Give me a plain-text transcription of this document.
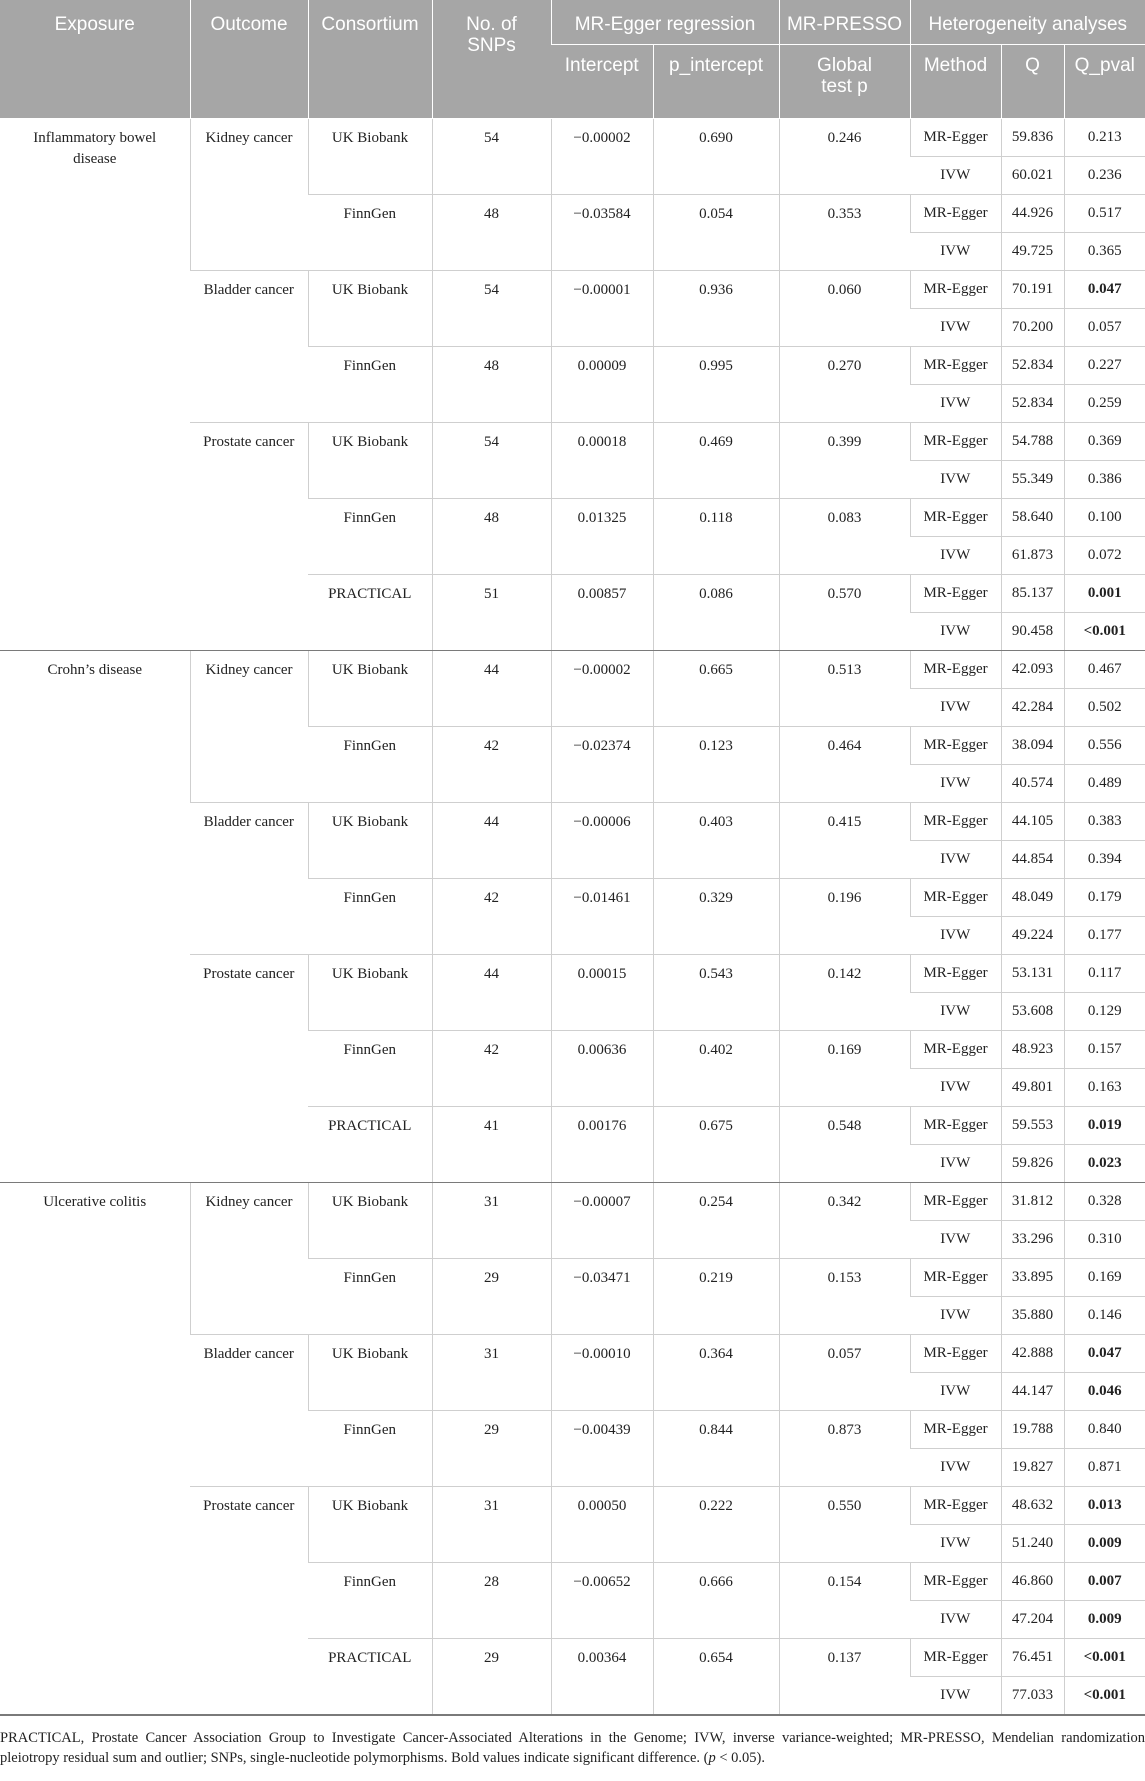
Exposure	Outcome	Consortium	No. of SNPs	MR-Egger regression		MR-PRESSO	Heterogeneity analyses		
				Intercept	p_intercept	Global test p	Method	Q	Q_pval
Inflammatory bowel disease	Kidney cancer	UK Biobank	54	−0.00002	0.690	0.246	MR-Egger	59.836	0.213
							IVW	60.021	0.236
		FinnGen	48	−0.03584	0.054	0.353	MR-Egger	44.926	0.517
							IVW	49.725	0.365
	Bladder cancer	UK Biobank	54	−0.00001	0.936	0.060	MR-Egger	70.191	0.047
							IVW	70.200	0.057
		FinnGen	48	0.00009	0.995	0.270	MR-Egger	52.834	0.227
							IVW	52.834	0.259
	Prostate cancer	UK Biobank	54	0.00018	0.469	0.399	MR-Egger	54.788	0.369
							IVW	55.349	0.386
		FinnGen	48	0.01325	0.118	0.083	MR-Egger	58.640	0.100
							IVW	61.873	0.072
		PRACTICAL	51	0.00857	0.086	0.570	MR-Egger	85.137	0.001
							IVW	90.458	<0.001
Crohn’s disease	Kidney cancer	UK Biobank	44	−0.00002	0.665	0.513	MR-Egger	42.093	0.467
							IVW	42.284	0.502
		FinnGen	42	−0.02374	0.123	0.464	MR-Egger	38.094	0.556
							IVW	40.574	0.489
	Bladder cancer	UK Biobank	44	−0.00006	0.403	0.415	MR-Egger	44.105	0.383
							IVW	44.854	0.394
		FinnGen	42	−0.01461	0.329	0.196	MR-Egger	48.049	0.179
							IVW	49.224	0.177
	Prostate cancer	UK Biobank	44	0.00015	0.543	0.142	MR-Egger	53.131	0.117
							IVW	53.608	0.129
		FinnGen	42	0.00636	0.402	0.169	MR-Egger	48.923	0.157
							IVW	49.801	0.163
		PRACTICAL	41	0.00176	0.675	0.548	MR-Egger	59.553	0.019
							IVW	59.826	0.023
Ulcerative colitis	Kidney cancer	UK Biobank	31	−0.00007	0.254	0.342	MR-Egger	31.812	0.328
							IVW	33.296	0.310
		FinnGen	29	−0.03471	0.219	0.153	MR-Egger	33.895	0.169
							IVW	35.880	0.146
	Bladder cancer	UK Biobank	31	−0.00010	0.364	0.057	MR-Egger	42.888	0.047
							IVW	44.147	0.046
		FinnGen	29	−0.00439	0.844	0.873	MR-Egger	19.788	0.840
							IVW	19.827	0.871
	Prostate cancer	UK Biobank	31	0.00050	0.222	0.550	MR-Egger	48.632	0.013
							IVW	51.240	0.009
		FinnGen	28	−0.00652	0.666	0.154	MR-Egger	46.860	0.007
							IVW	47.204	0.009
		PRACTICAL	29	0.00364	0.654	0.137	MR-Egger	76.451	<0.001
							IVW	77.033	<0.001
PRACTICAL, Prostate Cancer Association Group to Investigate Cancer-Associated Alterations in the Genome; IVW, inverse variance-weighted; MR-PRESSO, Mendelian randomization pleiotropy residual sum and outlier; SNPs, single-nucleotide polymorphisms. Bold values indicate significant difference. (p < 0.05).
